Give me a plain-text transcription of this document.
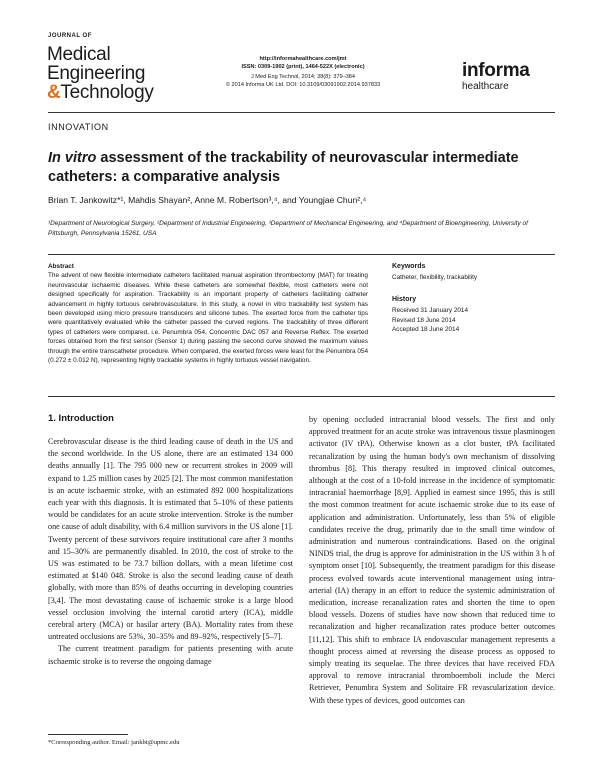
JOURNAL OF
Medical
Engineering
&Technology
http://informahealthcare.com/jmt
ISSN: 0309-1902 (print), 1464-522X (electronic)
J Med Eng Technol, 2014; 38(8): 379–384
© 2014 Informa UK Ltd. DOI: 10.3109/03091902.2014.937833
informa
healthcare
INNOVATION
In vitro assessment of the trackability of neurovascular intermediate catheters: a comparative analysis
Brian T. Jankowitz*¹, Mahdis Shayan², Anne M. Robertson³,⁴, and Youngjae Chun²,⁴
¹Department of Neurological Surgery, ²Department of Industrial Engineering, ³Department of Mechanical Engineering, and ⁴Department of Bioengineering, University of Pittsburgh, Pennsylvania 15261, USA
Abstract
The advent of new flexible intermediate catheters facilitated manual aspiration thrombectomy (MAT) for treating neurovascular ischaemic diseases. While these catheters are somewhat flexible, most catheters were not designed specifically for aspiration. Trackability is an important property of catheters facilitating catheter advancement in highly tortuous cerebrovasculature. In this study, a novel in vitro trackability test system has been developed using micro pressure transducers and silicone tubes. The exerted force from the catheter tips were quantitatively evaluated while the catheter passed the curved regions. The trackability of three different types of catheters were compared, i.e. Penumbra 054, Concentric DAC 057 and Reverse Reflex. The exerted forces obtained from the first sensor (Sensor 1) during passing the second curve showed the maximum values through the entire transcatheter procedure. When compared, the exerted forces were least for the Penumbra 054 (0.272 ± 0.012 N), representing highly trackable systems in highly tortuous vessel navigation.
Keywords
Catheter, flexibility, trackability
History
Received 31 January 2014
Revised 18 June 2014
Accepted 18 June 2014
1. Introduction

Cerebrovascular disease is the third leading cause of death in the US and the second worldwide. In the US alone, there are an estimated 134 000 deaths annually [1]. The 795 000 new or recurrent strokes in 2009 will expand to 1.25 million cases by 2025 [2]. The most common manifestation is an acute ischaemic stroke, with an estimated 892 000 hospitalizations each year with this diagnosis. It is estimated that 5–10% of these patients would be candidates for an acute stroke intervention. Stroke is the number one cause of adult disability, with 6.4 million survivors in the US alone [1]. Twenty percent of these survivors require institutional care after 3 months and 15–30% are permanently disabled. In 2010, the cost of stroke to the US was estimated to be 73.7 billion dollars, with a mean lifetime cost estimated at $140 048. Stroke is also the second leading cause of death globally, with more than 85% of deaths occurring in developing countries [3,4]. The most devastating cause of ischaemic stroke is a large blood vessel occlusion involving the internal carotid artery (ICA), middle cerebral artery (MCA) or basilar artery (BA). Mortality rates from these untreated occlusions are 53%, 30–35% and 89–92%, respectively [5–7].

The current treatment paradigm for patients presenting with acute ischaemic stroke is to reverse the ongoing damage

by opening occluded intracranial blood vessels. The first and only approved treatment for an acute stroke was intravenous tissue plasminogen activator (IV tPA). Otherwise known as a clot buster, tPA facilitated recanalization by using the human body's own mechanism of dissolving thrombus [8]. This therapy resulted in improved clinical outcomes, although at the cost of a 10-fold increase in the incidence of symptomatic intracranial haemorrhage [8,9]. Applied in earnest since 1995, this is still the most common treatment for acute ischaemic stroke due to its ease of application and administration. Unfortunately, less than 5% of eligible candidates receive the drug, primarily due to the small time window of administration and numerous contraindications. Based on the original NINDS trial, the drug is approve for administration in the US within 3 h of symptom onset [10]. Subsequently, the treatment paradigm for this disease process evolved towards acute interventional management using intra-arterial (IA) therapy in an effort to reduce the systemic administration of medication, increase recanalization rates and shorten the time to open blood vessels. Dozens of studies have now shown that reduced time to recanalization and higher recanalization rates produce better outcomes [11,12]. This shift to embrace IA endovascular management represents a thought process aimed at reversing the disease process as opposed to simply treating its sequelae. The three devices that have received FDA approval to remove intracranial thromboemboli include the Merci Retriever, Penumbra System and Solitaire FR revascularization device. With these types of devices, good outcomes can

*Corresponding author. Email: jankbt@upmc.edu
